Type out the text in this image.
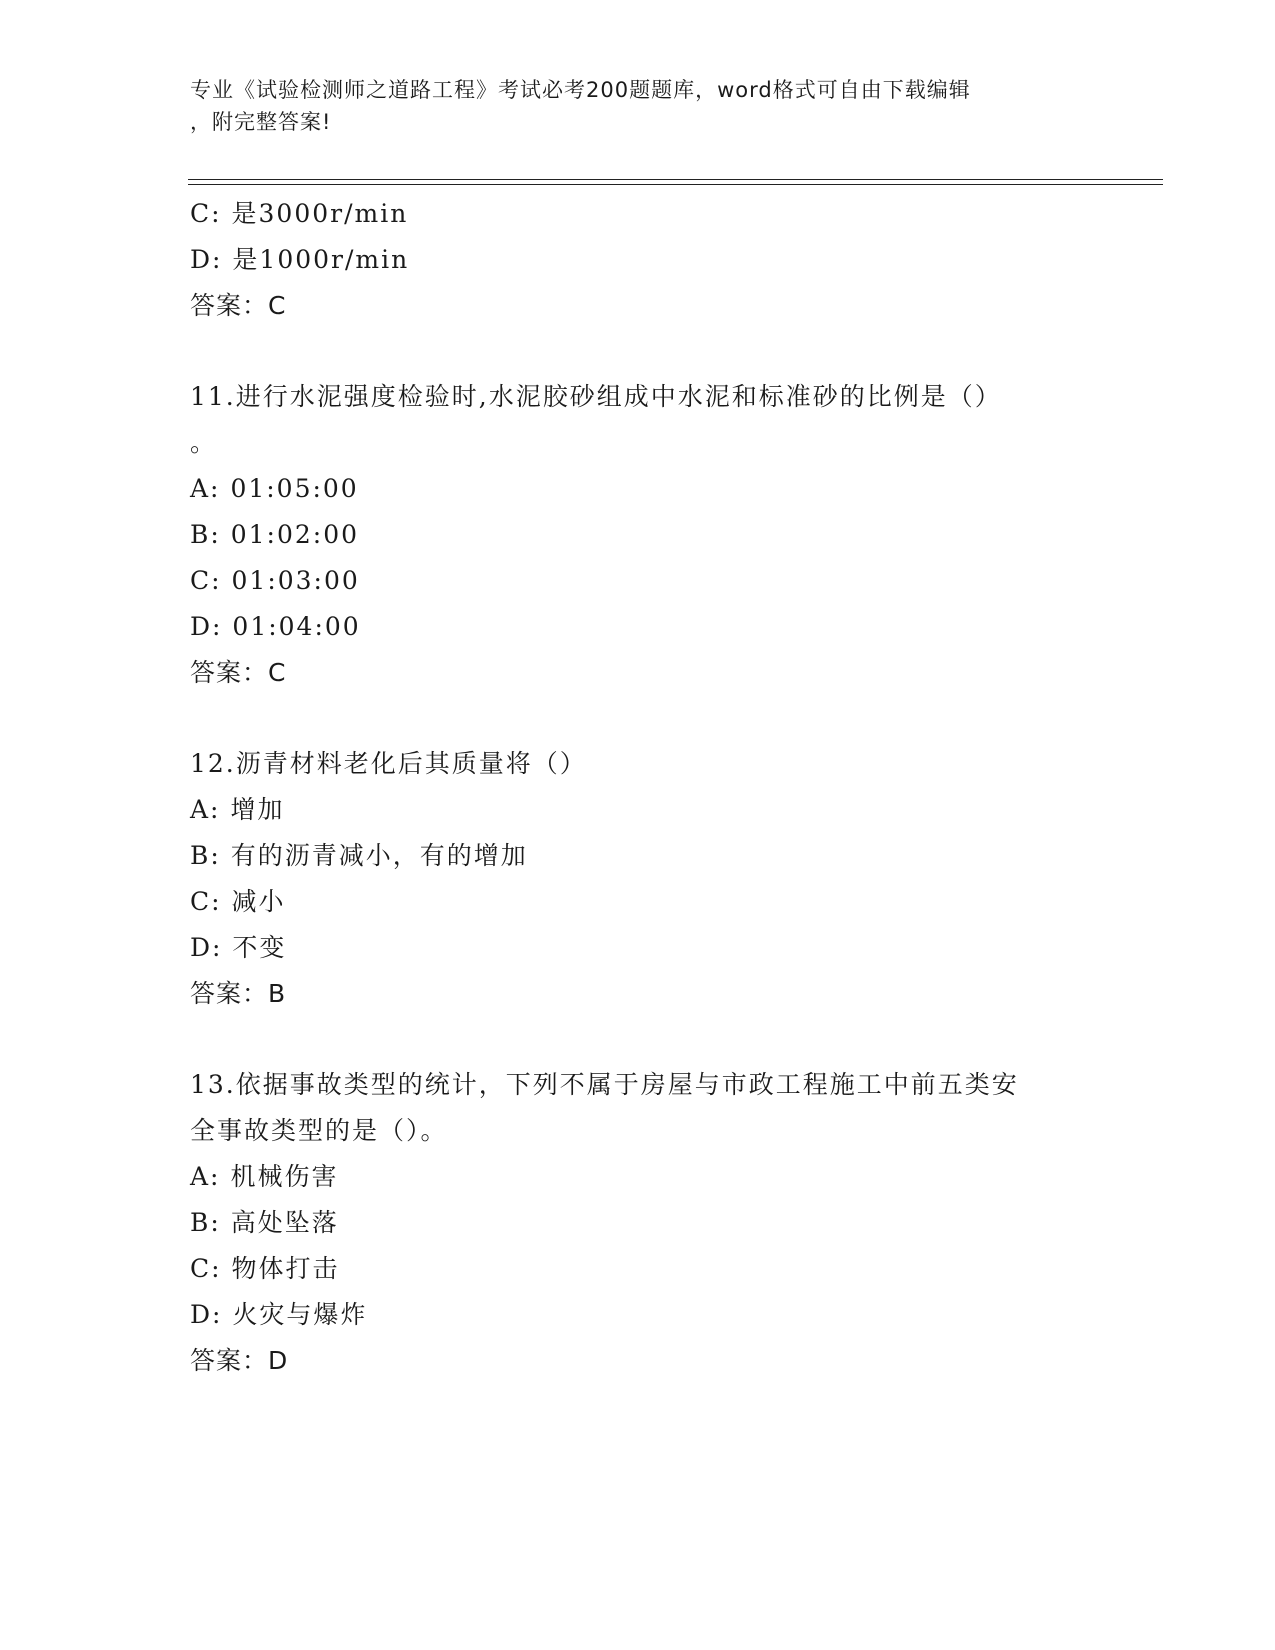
专业《试验检测师之道路工程》考试必考200题题库，word格式可自由下载编辑
，附完整答案!
C: 是3000r/min
D: 是1000r/min
答案：C
11.进行水泥强度检验时,水泥胶砂组成中水泥和标准砂的比例是（）
。
A: 01:05:00
B: 01:02:00
C: 01:03:00
D: 01:04:00
答案：C
12.沥青材料老化后其质量将（）
A: 增加
B: 有的沥青减小，有的增加
C: 减小
D: 不变
答案：B
13.依据事故类型的统计，下列不属于房屋与市政工程施工中前五类安
全事故类型的是（）。
A: 机械伤害
B: 高处坠落
C: 物体打击
D: 火灾与爆炸
答案：D
